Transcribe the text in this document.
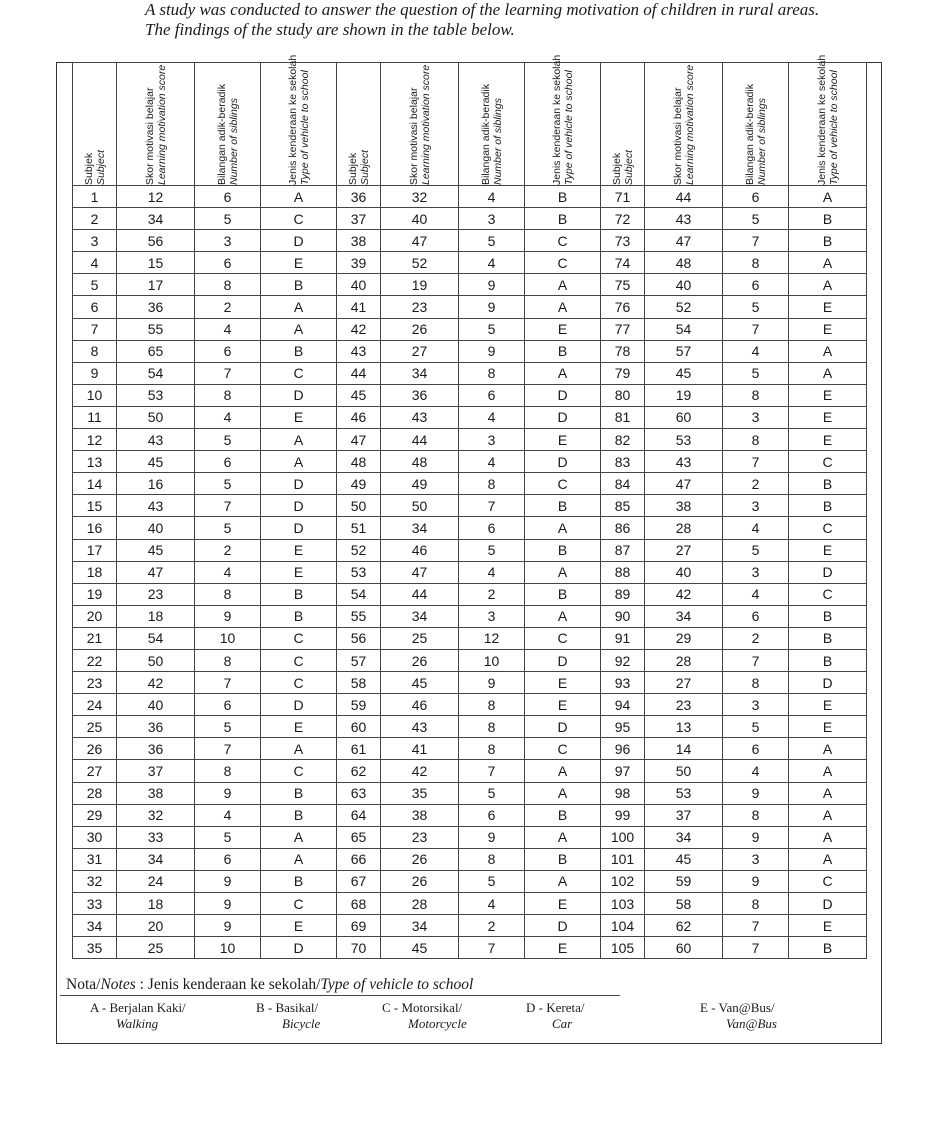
A study was conducted to answer the question of the learning motivation of children in rural areas.
The findings of the study are shown in the table below.
Subjek
Subject	Skor motivasi belajar
Learning motivation score	Bilangan adik-beradik
Number of siblings	Jenis kenderaan ke sekolah
Type of vehicle to school	Subjek
Subject	Skor motivasi belajar
Learning motivation score	Bilangan adik-beradik
Number of siblings	Jenis kenderaan ke sekolah
Type of vehicle to school	Subjek
Subject	Skor motivasi belajar
Learning motivation score	Bilangan adik-beradik
Number of siblings	Jenis kenderaan ke sekolah
Type of vehicle to school

1	12	6	A	36	32	4	B	71	44	6	A
2	34	5	C	37	40	3	B	72	43	5	B
3	56	3	D	38	47	5	C	73	47	7	B
4	15	6	E	39	52	4	C	74	48	8	A
5	17	8	B	40	19	9	A	75	40	6	A
6	36	2	A	41	23	9	A	76	52	5	E
7	55	4	A	42	26	5	E	77	54	7	E
8	65	6	B	43	27	9	B	78	57	4	A
9	54	7	C	44	34	8	A	79	45	5	A
10	53	8	D	45	36	6	D	80	19	8	E
11	50	4	E	46	43	4	D	81	60	3	E
12	43	5	A	47	44	3	E	82	53	8	E
13	45	6	A	48	48	4	D	83	43	7	C
14	16	5	D	49	49	8	C	84	47	2	B
15	43	7	D	50	50	7	B	85	38	3	B
16	40	5	D	51	34	6	A	86	28	4	C
17	45	2	E	52	46	5	B	87	27	5	E
18	47	4	E	53	47	4	A	88	40	3	D
19	23	8	B	54	44	2	B	89	42	4	C
20	18	9	B	55	34	3	A	90	34	6	B
21	54	10	C	56	25	12	C	91	29	2	B
22	50	8	C	57	26	10	D	92	28	7	B
23	42	7	C	58	45	9	E	93	27	8	D
24	40	6	D	59	46	8	E	94	23	3	E
25	36	5	E	60	43	8	D	95	13	5	E
26	36	7	A	61	41	8	C	96	14	6	A
27	37	8	C	62	42	7	A	97	50	4	A
28	38	9	B	63	35	5	A	98	53	9	A
29	32	4	B	64	38	6	B	99	37	8	A
30	33	5	A	65	23	9	A	100	34	9	A
31	34	6	A	66	26	8	B	101	45	3	A
32	24	9	B	67	26	5	A	102	59	9	C
33	18	9	C	68	28	4	E	103	58	8	D
34	20	9	E	69	34	2	D	104	62	7	E
35	25	10	D	70	45	7	E	105	60	7	B
Nota/Notes : Jenis kenderaan ke sekolah/Type of vehicle to school
A - Berjalan Kaki/
Walking
B - Basikal/
Bicycle
C - Motorsikal/
Motorcycle
D - Kereta/
Car
E - Van@Bus/
Van@Bus
